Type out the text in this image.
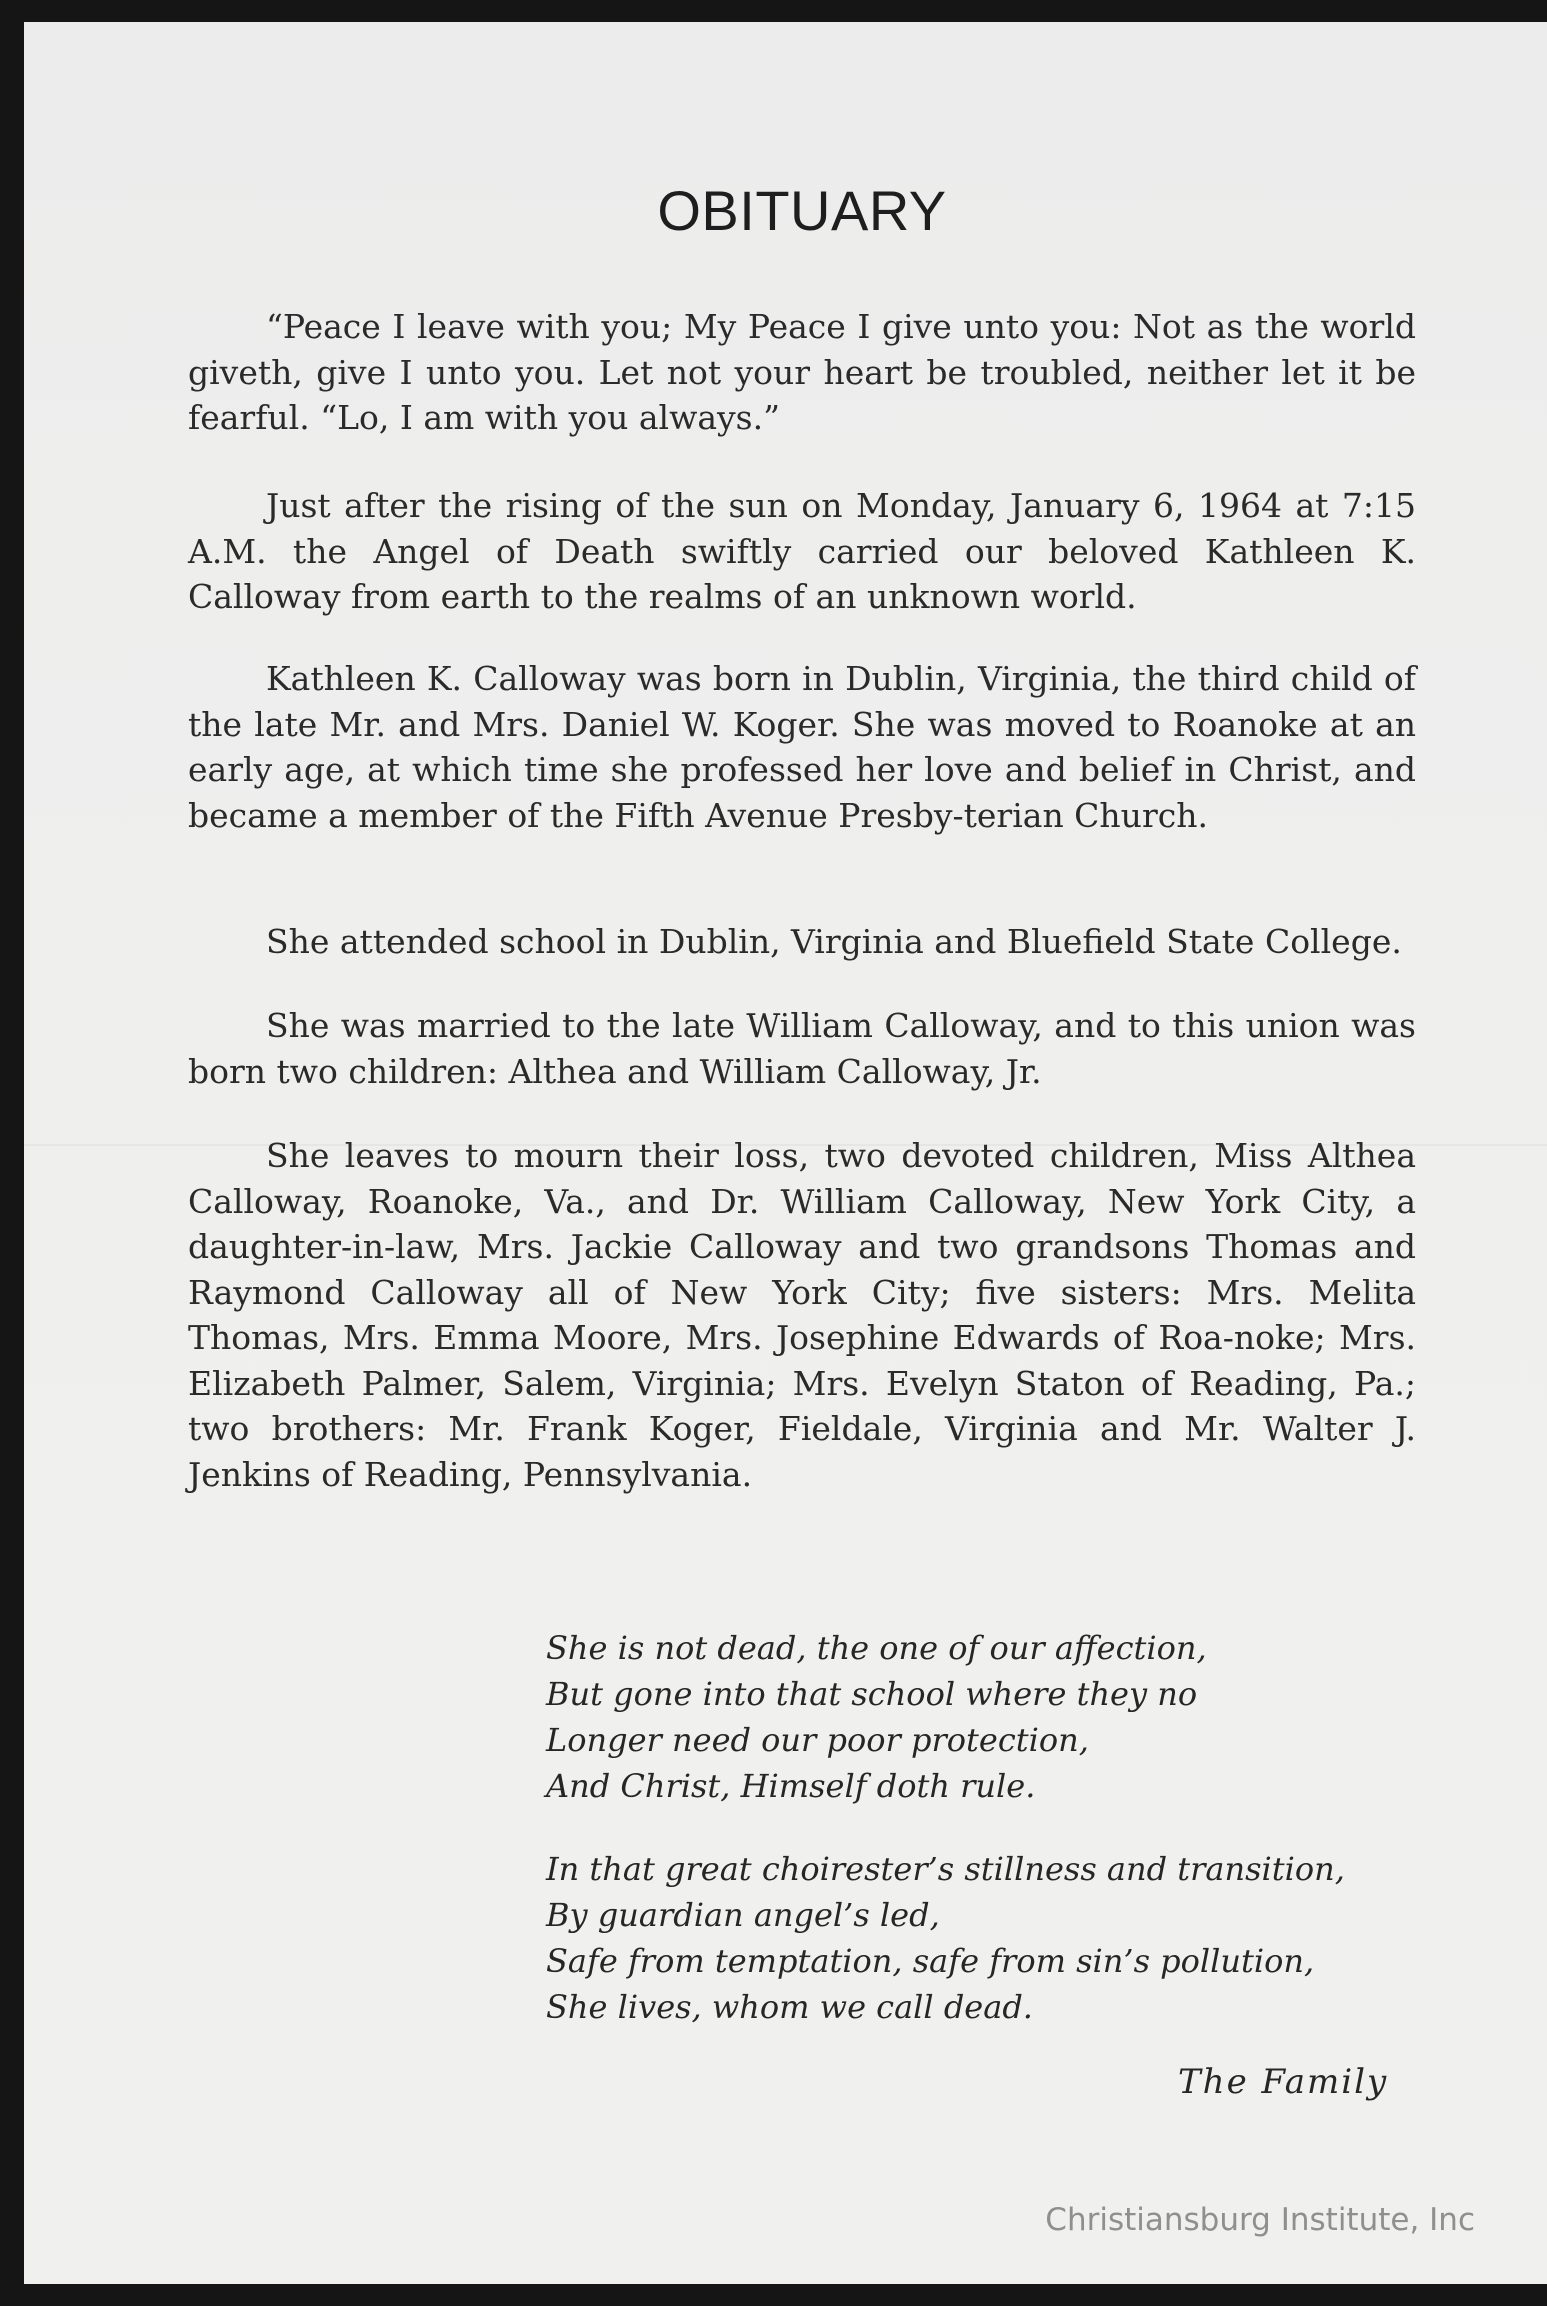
OBITUARY

“Peace I leave with you; My Peace I give unto you: Not as the world giveth, give I unto you. Let not your heart be troubled, neither let it be fearful. “Lo, I am with you always.”

Just after the rising of the sun on Monday, January 6, 1964 at 7:15 A.M. the Angel of Death swiftly carried our beloved Kathleen K. Calloway from earth to the realms of an unknown world.

Kathleen K. Calloway was born in Dublin, Virginia, the third child of the late Mr. and Mrs. Daniel W. Koger. She was moved to Roanoke at an early age, at which time she professed her love and belief in Christ, and became a member of the Fifth Avenue Presby-terian Church.

She attended school in Dublin, Virginia and Bluefield State College.

She was married to the late William Calloway, and to this union was born two children: Althea and William Calloway, Jr.

She leaves to mourn their loss, two devoted children, Miss Althea Calloway, Roanoke, Va., and Dr. William Calloway, New York City, a daughter-in-law, Mrs. Jackie Calloway and two grandsons Thomas and Raymond Calloway all of New York City; five sisters: Mrs. Melita Thomas, Mrs. Emma Moore, Mrs. Josephine Edwards of Roa-noke; Mrs. Elizabeth Palmer, Salem, Virginia; Mrs. Evelyn Staton of Reading, Pa.; two brothers: Mr. Frank Koger, Fieldale, Virginia and Mr. Walter J. Jenkins of Reading, Pennsylvania.

She is not dead, the one of our affection,
But gone into that school where they no
Longer need our poor protection,
And Christ, Himself doth rule.
In that great choirester’s stillness and transition,
By guardian angel’s led,
Safe from temptation, safe from sin’s pollution,
She lives, whom we call dead.
The Family
Christiansburg Institute, Inc
